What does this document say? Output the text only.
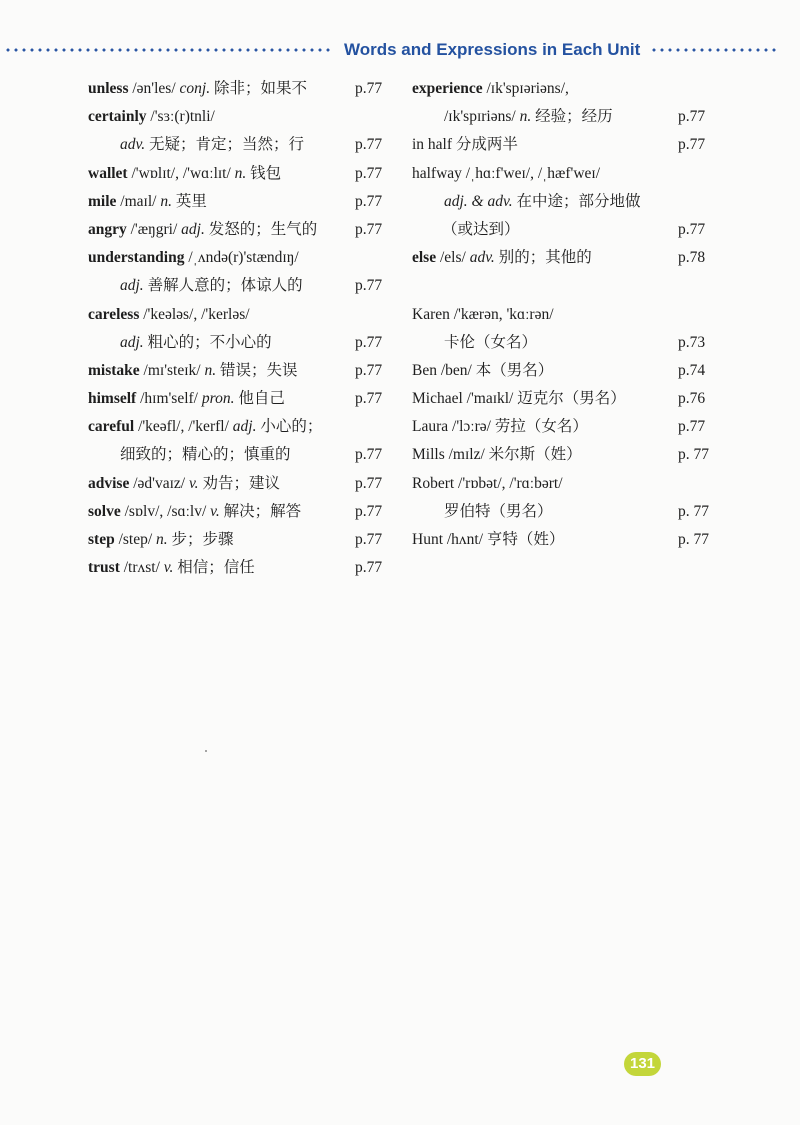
Words and Expressions in Each Unit
unless /ən'les/ conj. 除非；如果不	p.77
certainly /'sɜː(r)tnli/
adv. 无疑；肯定；当然；行	p.77
wallet /'wɒlɪt/, /'wɑːlɪt/ n. 钱包	p.77
mile /maɪl/ n. 英里	p.77
angry /'æŋgri/ adj. 发怒的；生气的 p.77
understanding /ˌʌndə(r)'stændɪŋ/
adj. 善解人意的；体谅人的	p.77
careless /'keələs/, /'kerləs/
adj. 粗心的；不小心的	p.77
mistake /mɪ'steɪk/ n. 错误；失误	p.77
himself /hɪm'self/ pron. 他自己	p.77
careful /'keəfl/, /'kerfl/ adj. 小心的；
细致的；精心的；慎重的	p.77
advise /əd'vaɪz/ v. 劝告；建议	p.77
solve /sɒlv/, /sɑːlv/ v. 解决；解答	p.77
step /step/ n. 步；步骤	p.77
trust /trʌst/ v. 相信；信任	p.77
experience /ɪk'spɪəriəns/,
/ɪk'spɪriəns/ n. 经验；经历	p.77
in half 分成两半	p.77
halfway /ˌhɑːf'weɪ/, /ˌhæf'weɪ/
adj. & adv. 在中途；部分地做
（或达到）	p.77
else /els/ adv. 别的；其他的	p.78
Karen /'kærən, 'kɑːrən/
卡伦（女名）	p.73
Ben /ben/ 本（男名）	p.74
Michael /'maɪkl/ 迈克尔（男名）	p.76
Laura /'lɔːrə/ 劳拉（女名）	p.77
Mills /mɪlz/ 米尔斯（姓）	p. 77
Robert /'rɒbət/, /'rɑːbərt/
罗伯特（男名）	p. 77
Hunt /hʌnt/ 亨特（姓）	p. 77
131
